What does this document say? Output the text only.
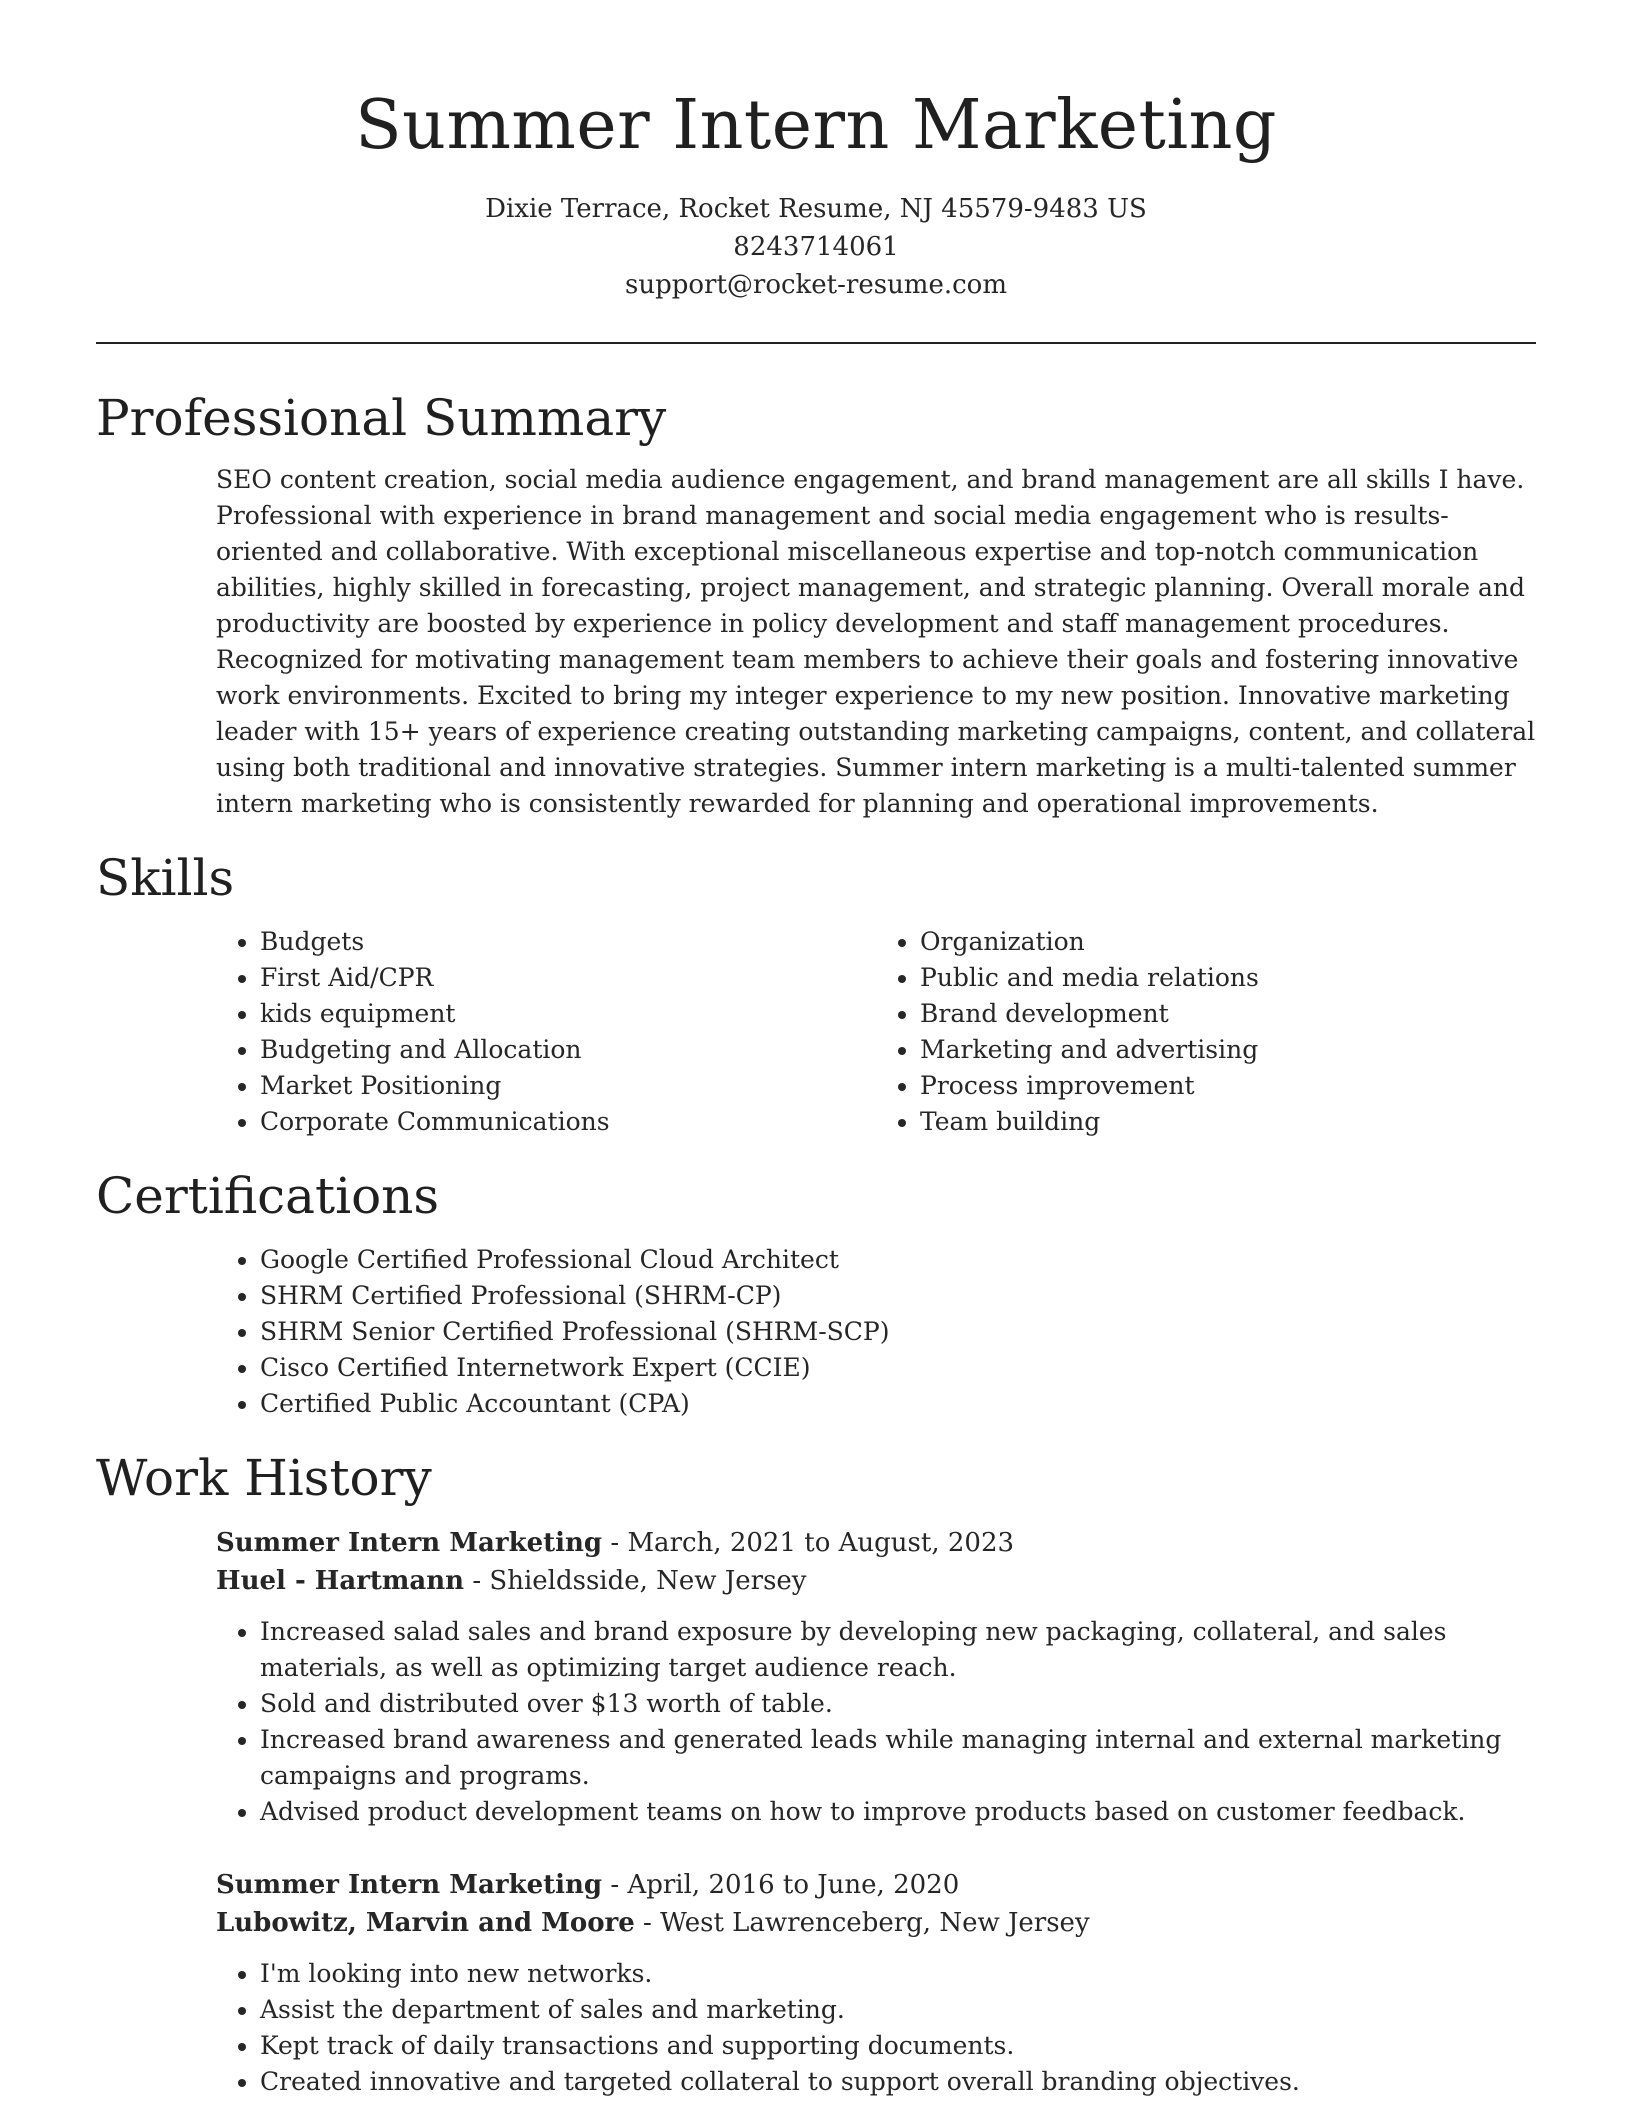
Summer Intern Marketing
Dixie Terrace, Rocket Resume, NJ 45579-9483 US
8243714061
support@rocket-resume.com
Professional Summary

SEO content creation, social media audience engagement, and brand management are all skills I have. Professional with experience in brand management and social media engagement who is results-oriented and collaborative. With exceptional miscellaneous expertise and top-notch communication abilities, highly skilled in forecasting, project management, and strategic planning. Overall morale and productivity are boosted by experience in policy development and staff management procedures. Recognized for motivating management team members to achieve their goals and fostering innovative work environments. Excited to bring my integer experience to my new position. Innovative marketing leader with 15+ years of experience creating outstanding marketing campaigns, content, and collateral using both traditional and innovative strategies. Summer intern marketing is a multi-talented summer intern marketing who is consistently rewarded for planning and operational improvements.

Skills
• Budgets
• First Aid/CPR
• kids equipment
• Budgeting and Allocation
• Market Positioning
• Corporate Communications
• Organization
• Public and media relations
• Brand development
• Marketing and advertising
• Process improvement
• Team building
Certifications
• Google Certified Professional Cloud Architect
• SHRM Certified Professional (SHRM-CP)
• SHRM Senior Certified Professional (SHRM-SCP)
• Cisco Certified Internetwork Expert (CCIE)
• Certified Public Accountant (CPA)
Work History
Summer Intern Marketing - March, 2021 to August, 2023
Huel - Hartmann - Shieldsside, New Jersey
• Increased salad sales and brand exposure by developing new packaging, collateral, and sales materials, as well as optimizing target audience reach.
• Sold and distributed over $13 worth of table.
• Increased brand awareness and generated leads while managing internal and external marketing campaigns and programs.
• Advised product development teams on how to improve products based on customer feedback.
Summer Intern Marketing - April, 2016 to June, 2020
Lubowitz, Marvin and Moore - West Lawrenceberg, New Jersey
• I'm looking into new networks.
• Assist the department of sales and marketing.
• Kept track of daily transactions and supporting documents.
• Created innovative and targeted collateral to support overall branding objectives.
